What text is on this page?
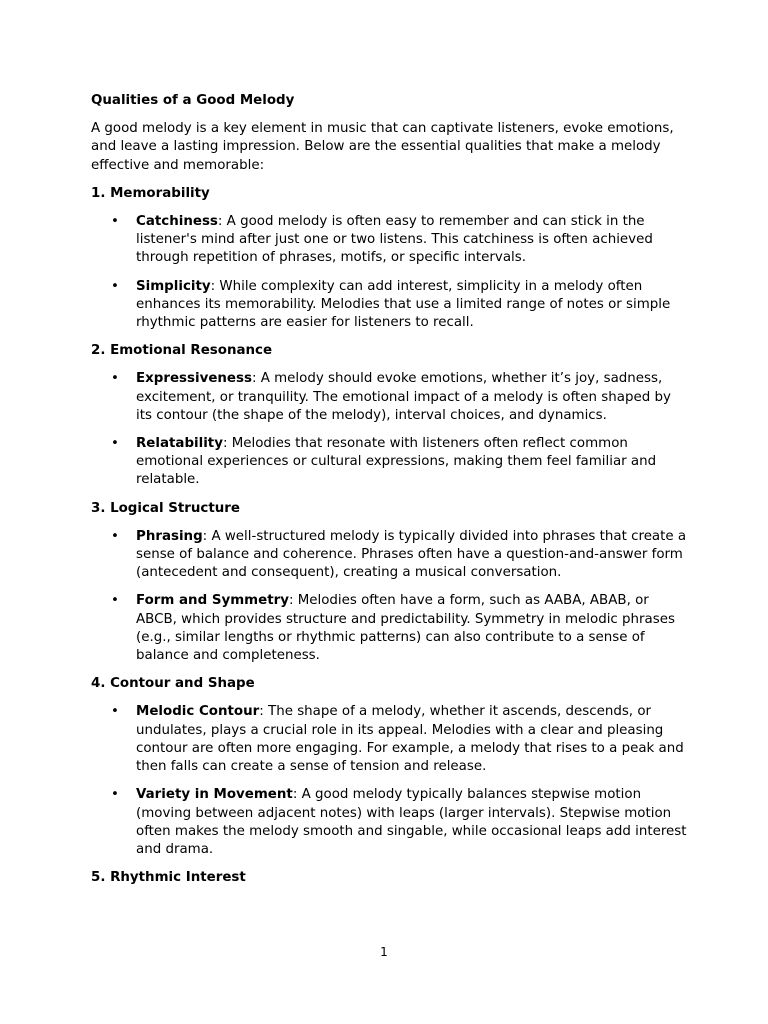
Qualities of a Good Melody

A good melody is a key element in music that can captivate listeners, evoke emotions, and leave a lasting impression. Below are the essential qualities that make a melody effective and memorable:

1. Memorability
• Catchiness: A good melody is often easy to remember and can stick in the listener's mind after just one or two listens. This catchiness is often achieved through repetition of phrases, motifs, or specific intervals.
• Simplicity: While complexity can add interest, simplicity in a melody often enhances its memorability. Melodies that use a limited range of notes or simple rhythmic patterns are easier for listeners to recall.
2. Emotional Resonance
• Expressiveness: A melody should evoke emotions, whether it’s joy, sadness, excitement, or tranquility. The emotional impact of a melody is often shaped by its contour (the shape of the melody), interval choices, and dynamics.
• Relatability: Melodies that resonate with listeners often reflect common emotional experiences or cultural expressions, making them feel familiar and relatable.
3. Logical Structure
• Phrasing: A well-structured melody is typically divided into phrases that create a sense of balance and coherence. Phrases often have a question-and-answer form (antecedent and consequent), creating a musical conversation.
• Form and Symmetry: Melodies often have a form, such as AABA, ABAB, or ABCB, which provides structure and predictability. Symmetry in melodic phrases (e.g., similar lengths or rhythmic patterns) can also contribute to a sense of balance and completeness.
4. Contour and Shape
• Melodic Contour: The shape of a melody, whether it ascends, descends, or undulates, plays a crucial role in its appeal. Melodies with a clear and pleasing contour are often more engaging. For example, a melody that rises to a peak and then falls can create a sense of tension and release.
• Variety in Movement: A good melody typically balances stepwise motion (moving between adjacent notes) with leaps (larger intervals). Stepwise motion often makes the melody smooth and singable, while occasional leaps add interest and drama.
5. Rhythmic Interest
1
